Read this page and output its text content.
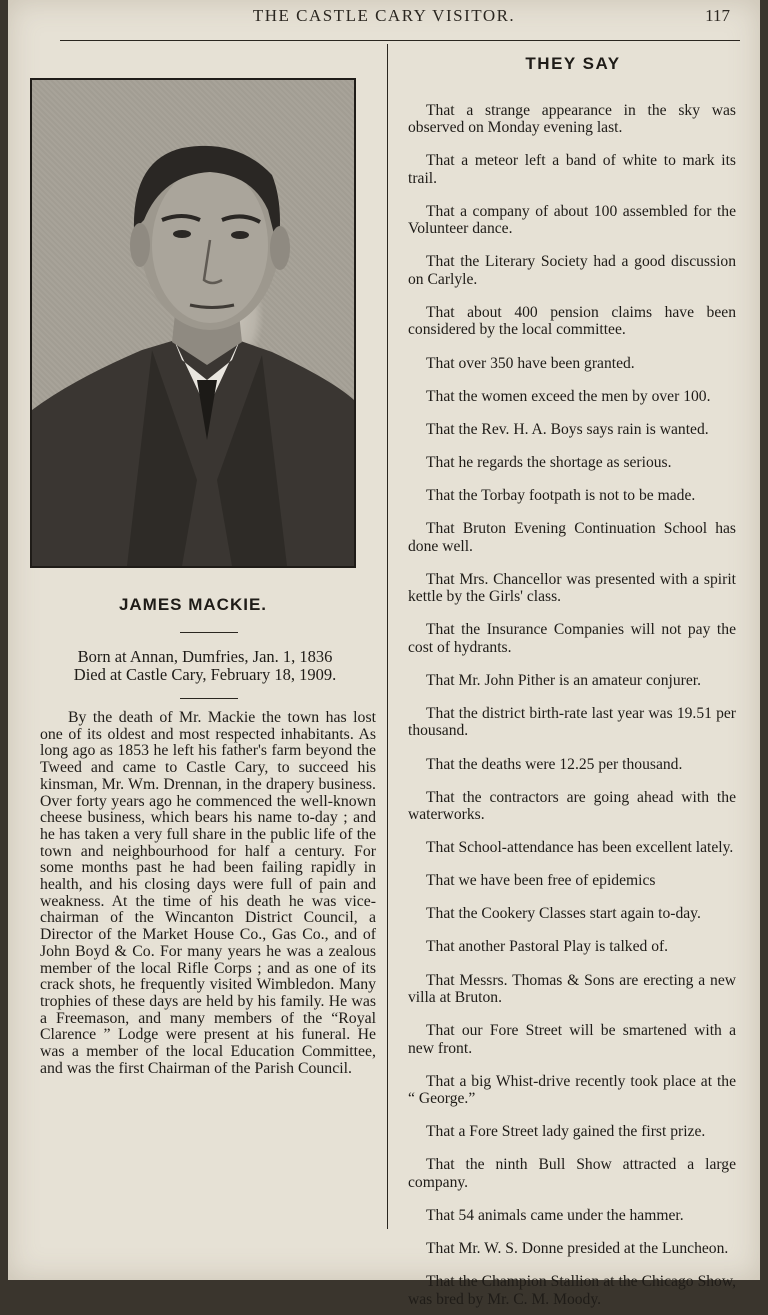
THE CASTLE CARY VISITOR.	117
JAMES MACKIE.
Born at Annan, Dumfries, Jan. 1, 1836
Died at Castle Cary, February 18, 1909.
By the death of Mr. Mackie the town has lost one of its oldest and most respected inhabitants. As long ago as 1853 he left his father's farm beyond the Tweed and came to Castle Cary, to succeed his kinsman, Mr. Wm. Drennan, in the drapery business. Over forty years ago he commenced the well-known cheese business, which bears his name to-day ; and he has taken a very full share in the public life of the town and neighbourhood for half a century. For some months past he had been failing rapidly in health, and his closing days were full of pain and weakness. At the time of his death he was vice-chairman of the Wincanton District Council, a Director of the Market House Co., Gas Co., and of John Boyd & Co. For many years he was a zealous member of the local Rifle Corps ; and as one of its crack shots, he frequently visited Wimbledon. Many trophies of these days are held by his family. He was a Freemason, and many members of the “Royal Clarence ” Lodge were present at his funeral. He was a member of the local Education Committee, and was the first Chairman of the Parish Council.
THEY SAY

That a strange appearance in the sky was observed on Monday evening last.

That a meteor left a band of white to mark its trail.

That a company of about 100 assembled for the Volunteer dance.

That the Literary Society had a good discussion on Carlyle.

That about 400 pension claims have been considered by the local committee.

That over 350 have been granted.

That the women exceed the men by over 100.

That the Rev. H. A. Boys says rain is wanted.

That he regards the shortage as serious.

That the Torbay footpath is not to be made.

That Bruton Evening Continuation School has done well.

That Mrs. Chancellor was presented with a spirit kettle by the Girls' class.

That the Insurance Companies will not pay the cost of hydrants.

That Mr. John Pither is an amateur conjurer.

That the district birth-rate last year was 19.51 per thousand.

That the deaths were 12.25 per thousand.

That the contractors are going ahead with the waterworks.

That School-attendance has been excellent lately.

That we have been free of epidemics

That the Cookery Classes start again to-day.

That another Pastoral Play is talked of.

That Messrs. Thomas & Sons are erecting a new villa at Bruton.

That our Fore Street will be smartened with a new front.

That a big Whist-drive recently took place at the “ George.”

That a Fore Street lady gained the first prize.

That the ninth Bull Show attracted a large company.

That 54 animals came under the hammer.

That Mr. W. S. Donne presided at the Luncheon.

That the Champion Stallion at the Chicago Show, was bred by Mr. C. M. Moody.
